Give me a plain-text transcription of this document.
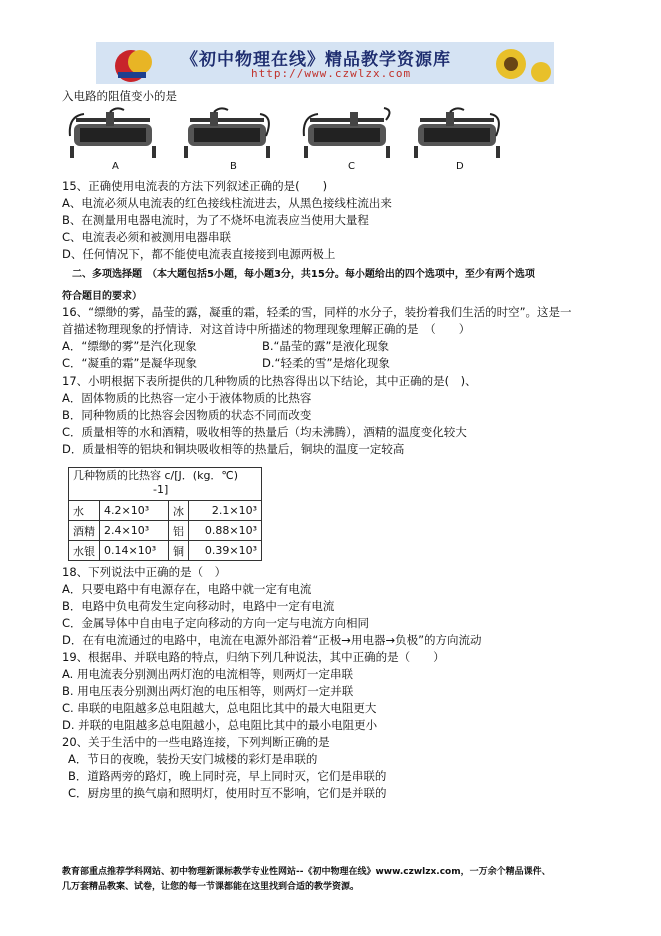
《初中物理在线》精品教学资源库
http://www.czwlzx.com
入电路的阻值变小的是
A	B	C	D
15、正确使用电流表的方法下列叙述正确的是(　　)
A、电流必须从电流表的红色接线柱流进去，从黑色接线柱流出来
B、在测量用电器电流时，为了不烧坏电流表应当使用大量程
C、电流表必须和被测用电器串联
D、任何情况下，都不能使电流表直接接到电源两极上
二、多项选择题　（本大题包括5小题，每小题3分，共15分。每小题给出的四个选项中，至少有两个选项
符合题目的要求）
16、“缥缈的雾，晶莹的露，凝重的霜，轻柔的雪，同样的水分子，装扮着我们生活的时空”。这是一
首描述物理现象的抒情诗．对这首诗中所描述的物理现象理解正确的是　（　　）
A．“缥缈的雾”是汽化现象	B.“晶莹的露”是液化现象
C．“凝重的霜”是凝华现象	D.“轻柔的雪”是熔化现象
17、小明根据下表所提供的几种物质的比热容得出以下结论，其中正确的是(　)、
A．固体物质的比热容一定小于液体物质的比热容
B．同种物质的比热容会因物质的状态不同而改变
C．质量相等的水和酒精，吸收相等的热量后（均未沸腾），酒精的温度变化较大
D．质量相等的铝块和铜块吸收相等的热量后，铜块的温度一定较高
几种物质的比热容 c/[J．(kg．℃)
-1]			

水	4.2×10³	冰	2.1×10³
酒精	2.4×10³	铝	0.88×10³
水银	0.14×10³	铜	0.39×10³
18、下列说法中正确的是（　）
A．只要电路中有电源存在，电路中就一定有电流
B．电路中负电荷发生定向移动时，电路中一定有电流
C．金属导体中自由电子定向移动的方向一定与电流方向相同
D．在有电流通过的电路中，电流在电源外部沿着“正极→用电器→负极”的方向流动
19、根据串、并联电路的特点，归纳下列几种说法，其中正确的是（　　）
A. 用电流表分别测出两灯泡的电流相等，则两灯一定串联
B. 用电压表分别测出两灯泡的电压相等，则两灯一定并联
C. 串联的电阻越多总电阻越大，总电阻比其中的最大电阻更大
D. 并联的电阻越多总电阻越小，总电阻比其中的最小电阻更小
20、关于生活中的一些电路连接，下列判断正确的是
A．节日的夜晚，装扮天安门城楼的彩灯是串联的
B．道路两旁的路灯，晚上同时亮，早上同时灭，它们是串联的
C．厨房里的换气扇和照明灯，使用时互不影响，它们是并联的
教育部重点推荐学科网站、初中物理新课标教学专业性网站--《初中物理在线》www.czwlzx.com，一万余个精品课件、
几万套精品教案、试卷，让您的每一节课都能在这里找到合适的教学资源。
